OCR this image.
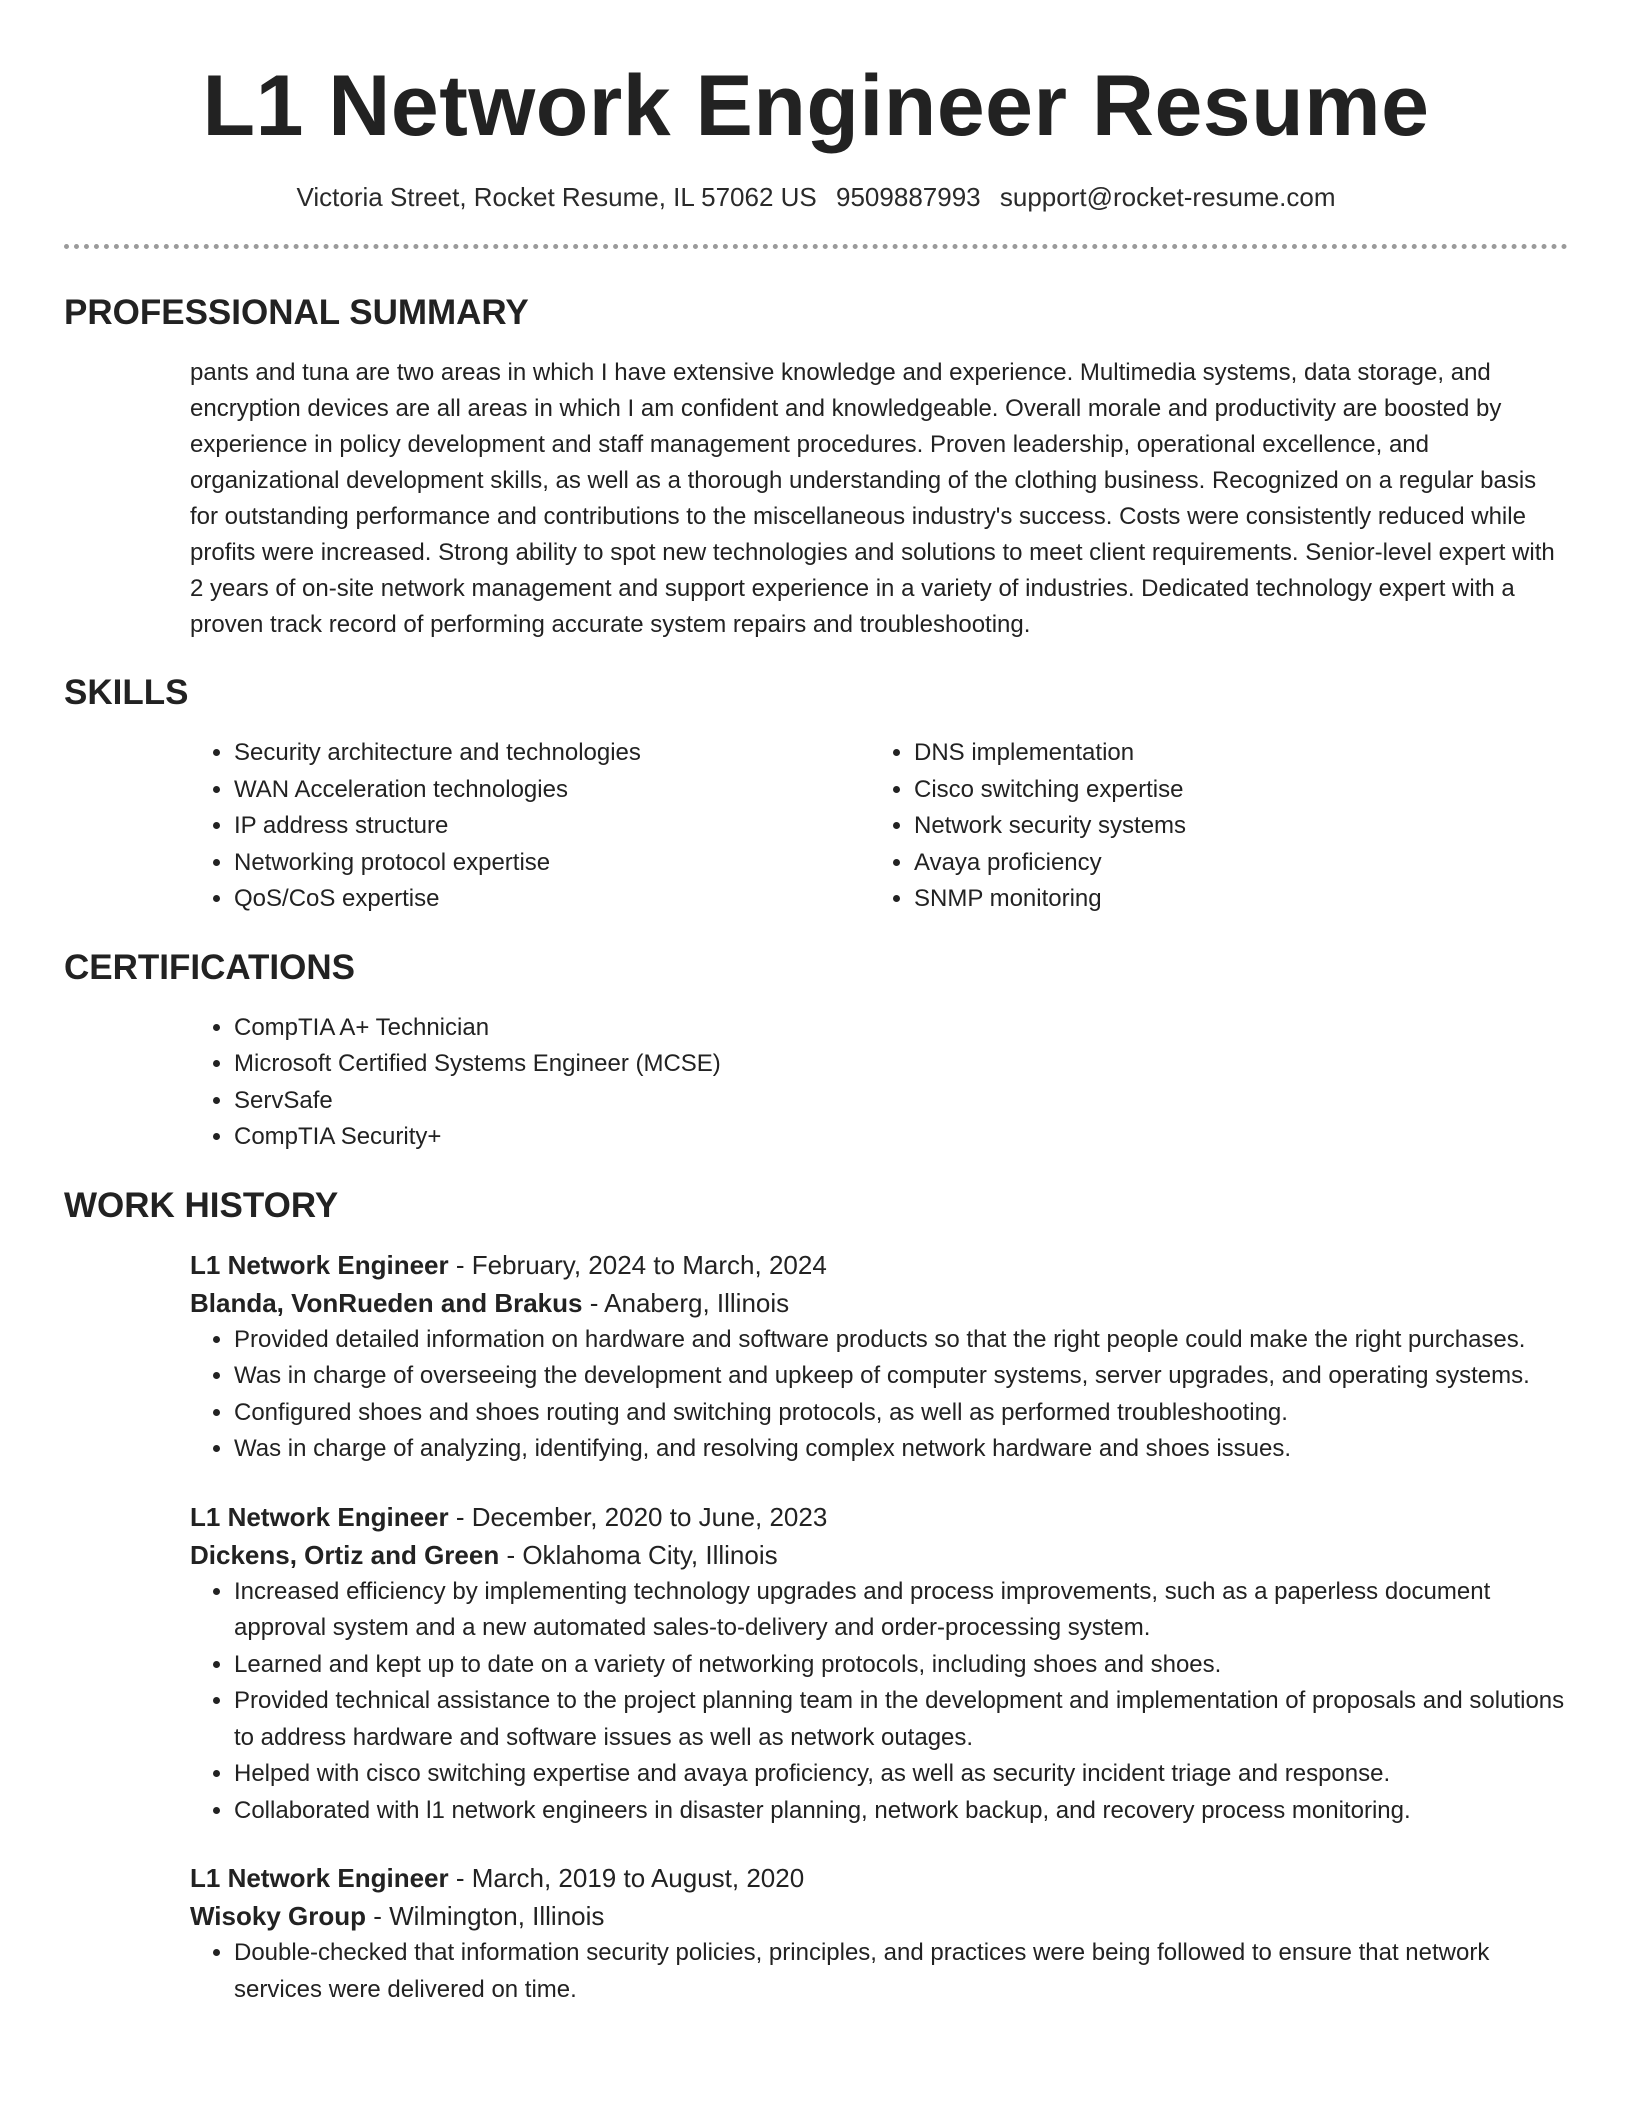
L1 Network Engineer Resume
Victoria Street, Rocket Resume, IL 57062 US 9509887993 support@rocket-resume.com
PROFESSIONAL SUMMARY

pants and tuna are two areas in which I have extensive knowledge and experience. Multimedia systems, data storage, and encryption devices are all areas in which I am confident and knowledgeable. Overall morale and productivity are boosted by experience in policy development and staff management procedures. Proven leadership, operational excellence, and organizational development skills, as well as a thorough understanding of the clothing business. Recognized on a regular basis for outstanding performance and contributions to the miscellaneous industry's success. Costs were consistently reduced while profits were increased. Strong ability to spot new technologies and solutions to meet client requirements. Senior-level expert with 2 years of on-site network management and support experience in a variety of industries. Dedicated technology expert with a proven track record of performing accurate system repairs and troubleshooting.

SKILLS
• Security architecture and technologies
• WAN Acceleration technologies
• IP address structure
• Networking protocol expertise
• QoS/CoS expertise
• DNS implementation
• Cisco switching expertise
• Network security systems
• Avaya proficiency
• SNMP monitoring
CERTIFICATIONS
• CompTIA A+ Technician
• Microsoft Certified Systems Engineer (MCSE)
• ServSafe
• CompTIA Security+
WORK HISTORY
L1 Network Engineer - February, 2024 to March, 2024
Blanda, VonRueden and Brakus - Anaberg, Illinois
• Provided detailed information on hardware and software products so that the right people could make the right purchases.
• Was in charge of overseeing the development and upkeep of computer systems, server upgrades, and operating systems.
• Configured shoes and shoes routing and switching protocols, as well as performed troubleshooting.
• Was in charge of analyzing, identifying, and resolving complex network hardware and shoes issues.
L1 Network Engineer - December, 2020 to June, 2023
Dickens, Ortiz and Green - Oklahoma City, Illinois
• Increased efficiency by implementing technology upgrades and process improvements, such as a paperless document approval system and a new automated sales-to-delivery and order-processing system.
• Learned and kept up to date on a variety of networking protocols, including shoes and shoes.
• Provided technical assistance to the project planning team in the development and implementation of proposals and solutions to address hardware and software issues as well as network outages.
• Helped with cisco switching expertise and avaya proficiency, as well as security incident triage and response.
• Collaborated with l1 network engineers in disaster planning, network backup, and recovery process monitoring.
L1 Network Engineer - March, 2019 to August, 2020
Wisoky Group - Wilmington, Illinois
• Double-checked that information security policies, principles, and practices were being followed to ensure that network services were delivered on time.
